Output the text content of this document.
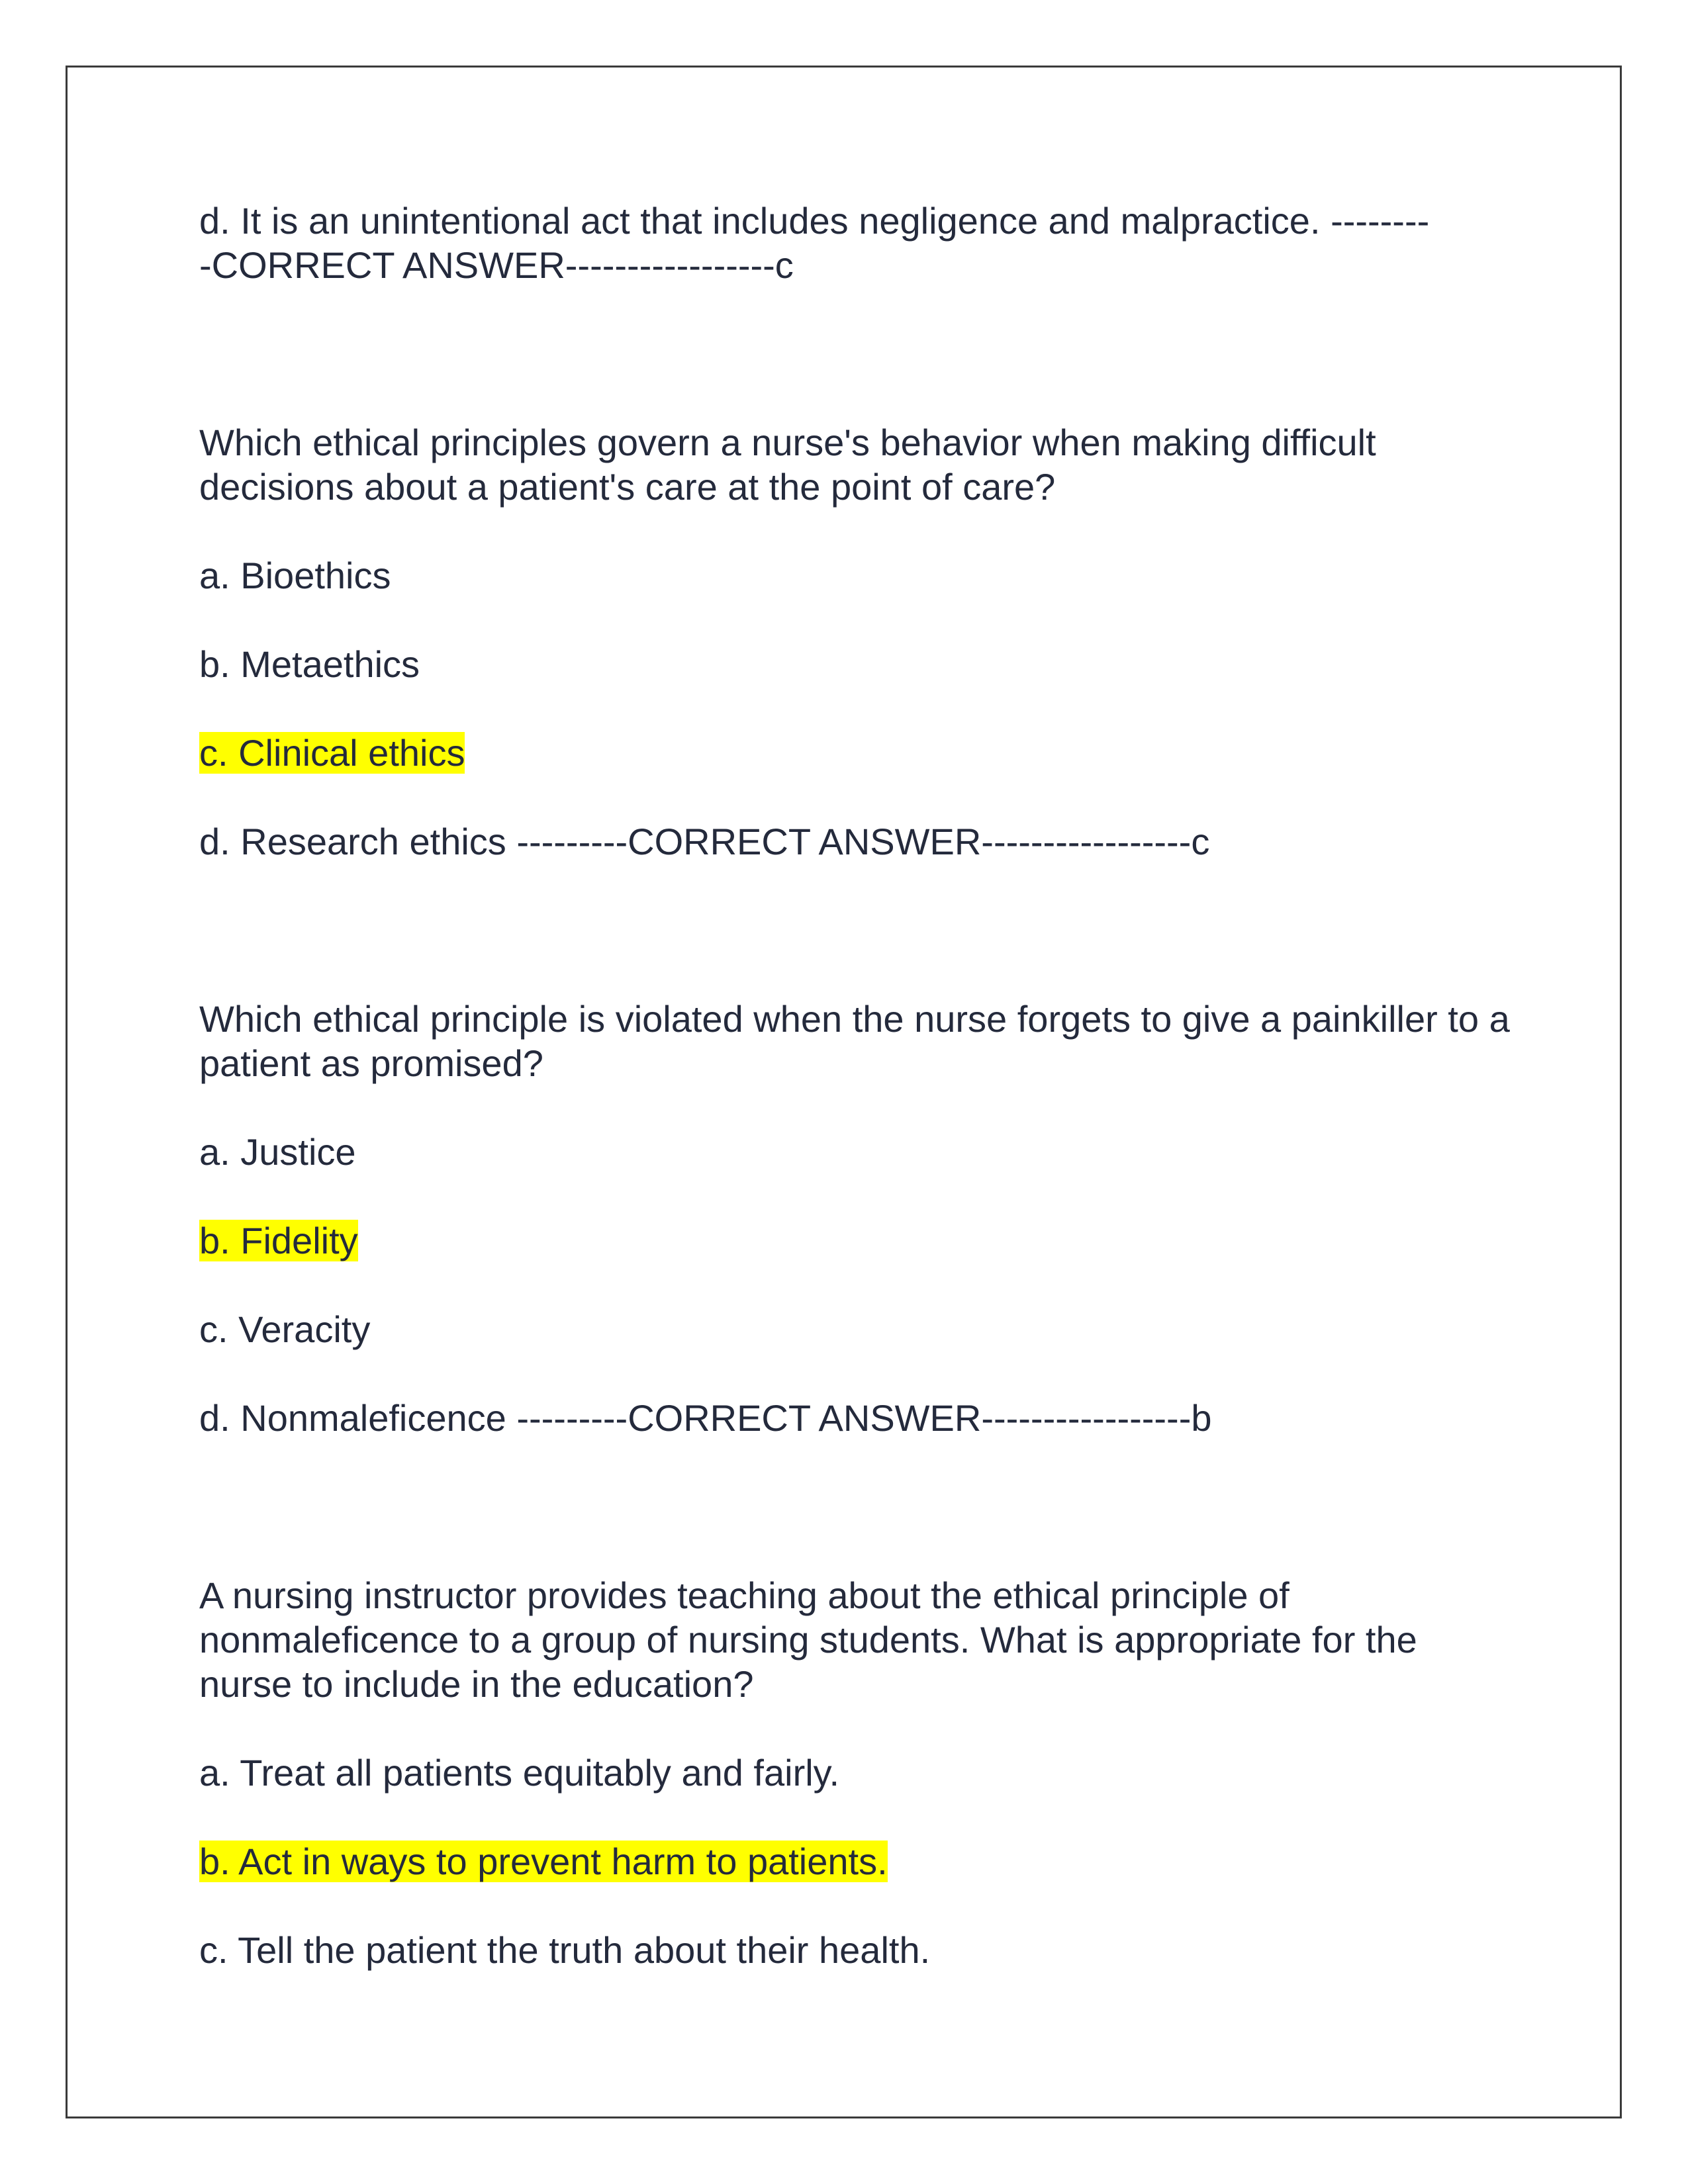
d. It is an unintentional act that includes negligence and malpractice. --------

-CORRECT ANSWER-----------------c

Which ethical principles govern a nurse's behavior when making difficult decisions about a patient's care at the point of care?

a. Bioethics

b. Metaethics

c. Clinical ethics

d. Research ethics ---------CORRECT ANSWER-----------------c

Which ethical principle is violated when the nurse forgets to give a painkiller to a patient as promised?

a. Justice

b. Fidelity

c. Veracity

d. Nonmaleficence ---------CORRECT ANSWER-----------------b

A nursing instructor provides teaching about the ethical principle of nonmaleficence to a group of nursing students. What is appropriate for the nurse to include in the education?

a. Treat all patients equitably and fairly.

b. Act in ways to prevent harm to patients.

c. Tell the patient the truth about their health.
